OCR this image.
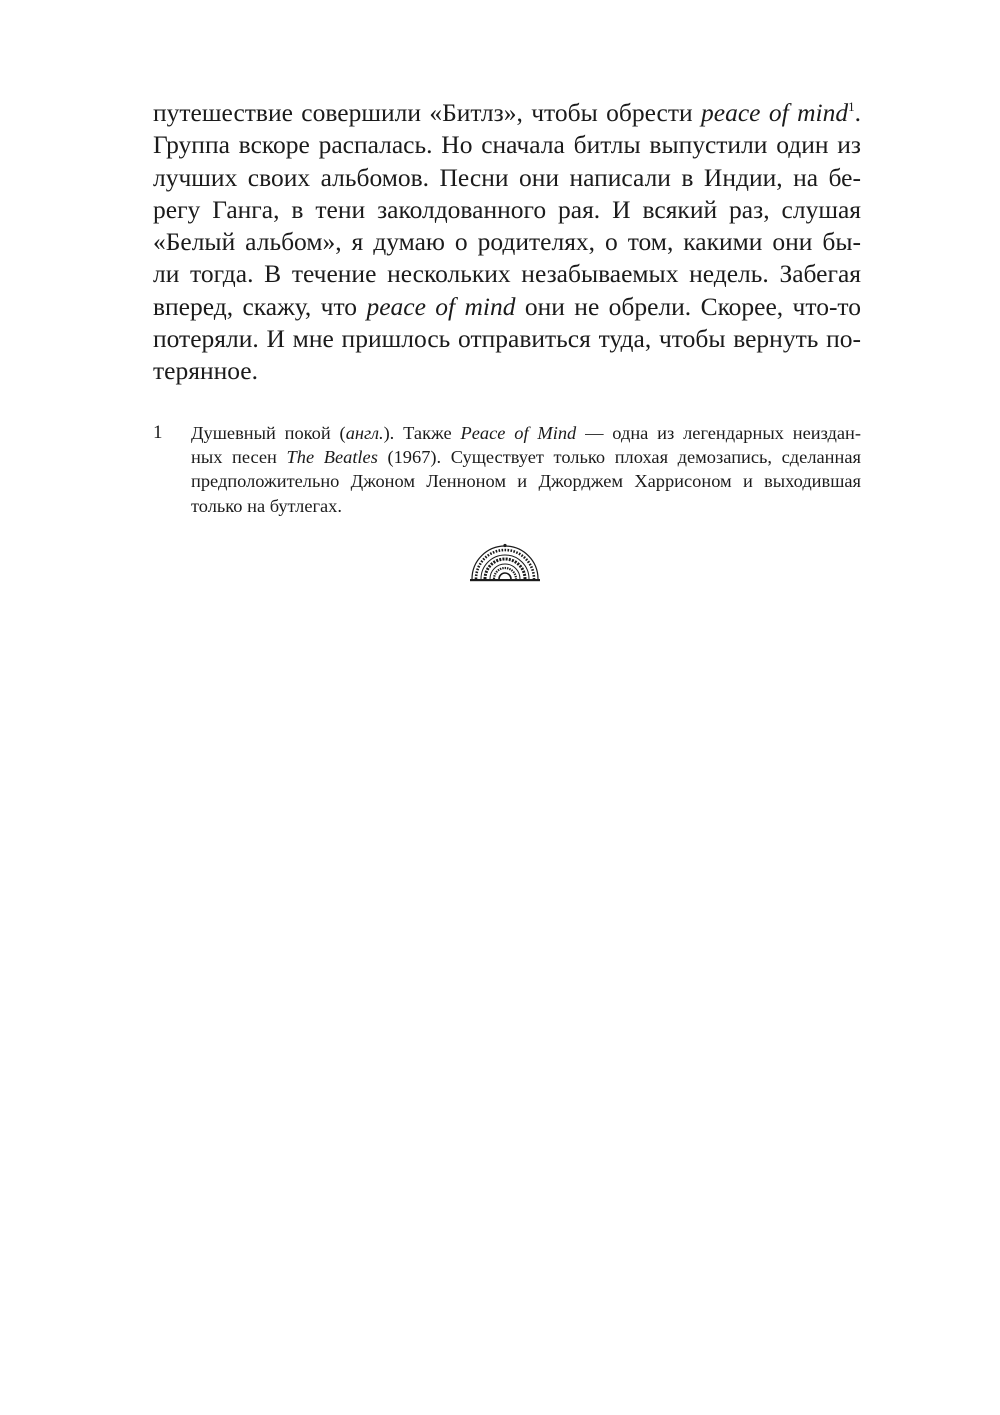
путешествие совершили «Битлз», чтобы обрести peace of mind$^1$.
Группа вскоре распалась. Но сначала битлы выпустили один из
лучших своих альбомов. Песни они написали в Индии, на бе-
регу Ганга, в тени заколдованного рая. И всякий раз, слушая
«Белый альбом», я думаю о родителях, о том, какими они бы-
ли тогда. В течение нескольких незабываемых недель. Забегая
вперед, скажу, что peace of mind они не обрели. Скорее, что-то
потеряли. И мне пришлось отправиться туда, чтобы вернуть по-
терянное.
1 Душевный покой (англ.). Также Peace of Mind — одна из легендарных неиздан-
ных песен The Beatles (1967). Существует только плохая демозапись, сделанная
предположительно Джоном Ленноном и Джорджем Харрисоном и выходившая
только на бутлегах.
